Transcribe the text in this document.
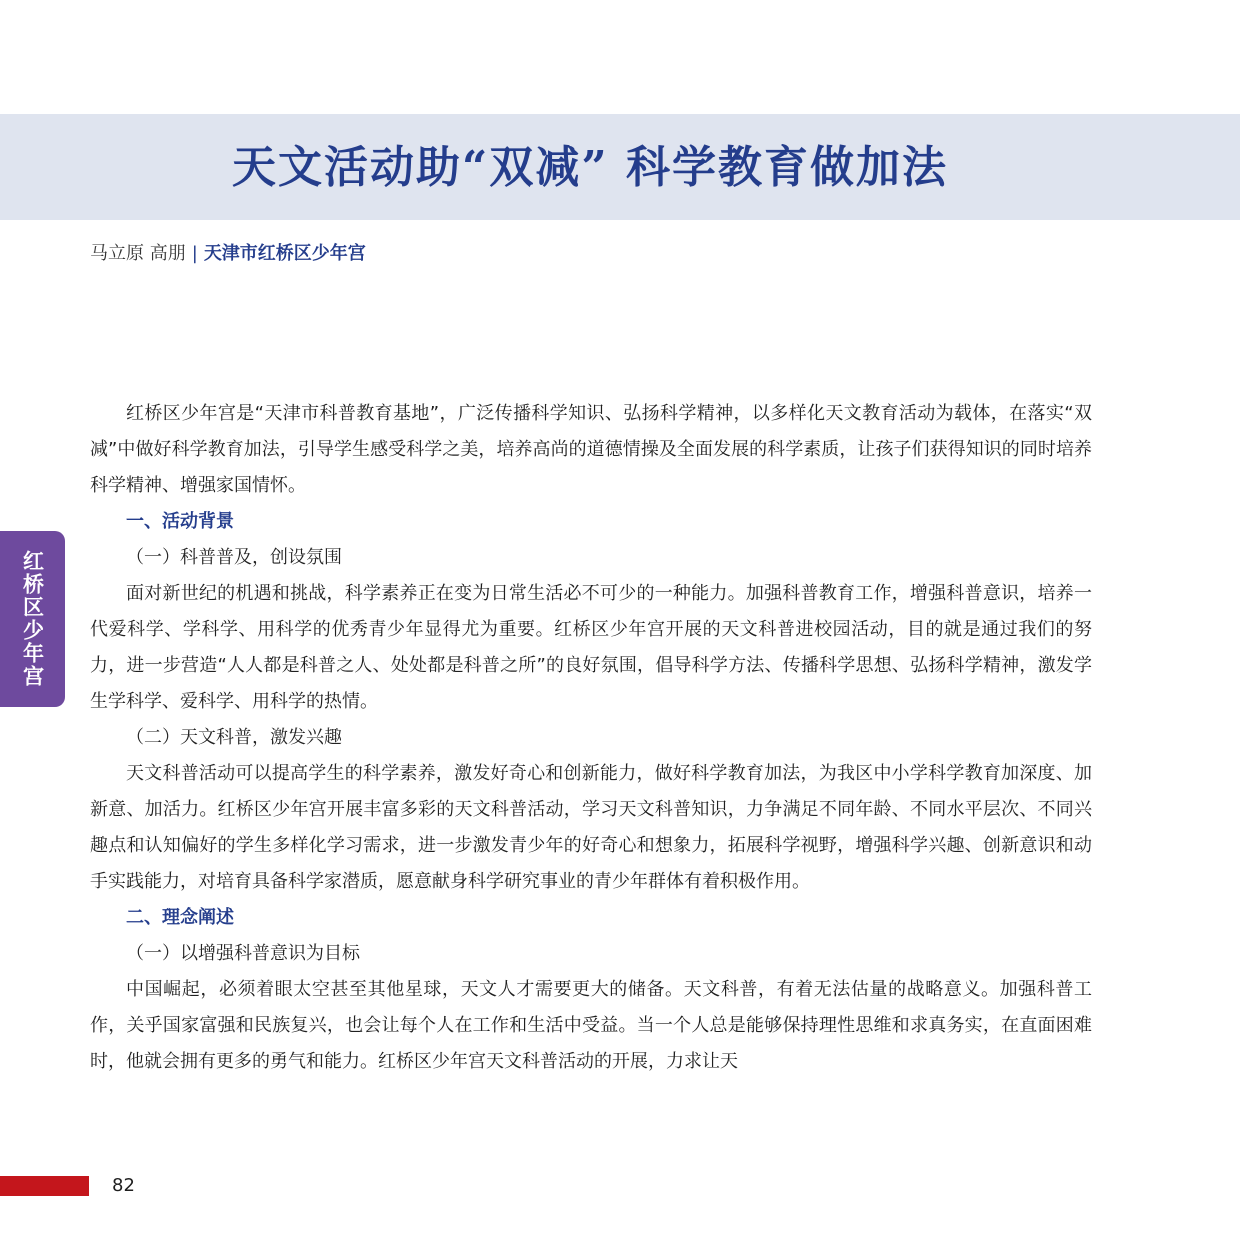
天文活动助“双减” 科学教育做加法
马立原 高朋 | 天津市红桥区少年宫
红桥区少年宫

红桥区少年宫是“天津市科普教育基地”，广泛传播科学知识、弘扬科学精神，以多样化天文教育活动为载体，在落实“双减”中做好科学教育加法，引导学生感受科学之美，培养高尚的道德情操及全面发展的科学素质，让孩子们获得知识的同时培养科学精神、增强家国情怀。

一、活动背景

（一）科普普及，创设氛围

面对新世纪的机遇和挑战，科学素养正在变为日常生活必不可少的一种能力。加强科普教育工作，增强科普意识，培养一代爱科学、学科学、用科学的优秀青少年显得尤为重要。红桥区少年宫开展的天文科普进校园活动，目的就是通过我们的努力，进一步营造“人人都是科普之人、处处都是科普之所”的良好氛围，倡导科学方法、传播科学思想、弘扬科学精神，激发学生学科学、爱科学、用科学的热情。

（二）天文科普，激发兴趣

天文科普活动可以提高学生的科学素养，激发好奇心和创新能力，做好科学教育加法，为我区中小学科学教育加深度、加新意、加活力。红桥区少年宫开展丰富多彩的天文科普活动，学习天文科普知识，力争满足不同年龄、不同水平层次、不同兴趣点和认知偏好的学生多样化学习需求，进一步激发青少年的好奇心和想象力，拓展科学视野，增强科学兴趣、创新意识和动手实践能力，对培育具备科学家潜质，愿意献身科学研究事业的青少年群体有着积极作用。

二、理念阐述

（一）以增强科普意识为目标

中国崛起，必须着眼太空甚至其他星球，天文人才需要更大的储备。天文科普，有着无法估量的战略意义。加强科普工作，关乎国家富强和民族复兴，也会让每个人在工作和生活中受益。当一个人总是能够保持理性思维和求真务实，在直面困难时，他就会拥有更多的勇气和能力。红桥区少年宫天文科普活动的开展，力求让天

82
